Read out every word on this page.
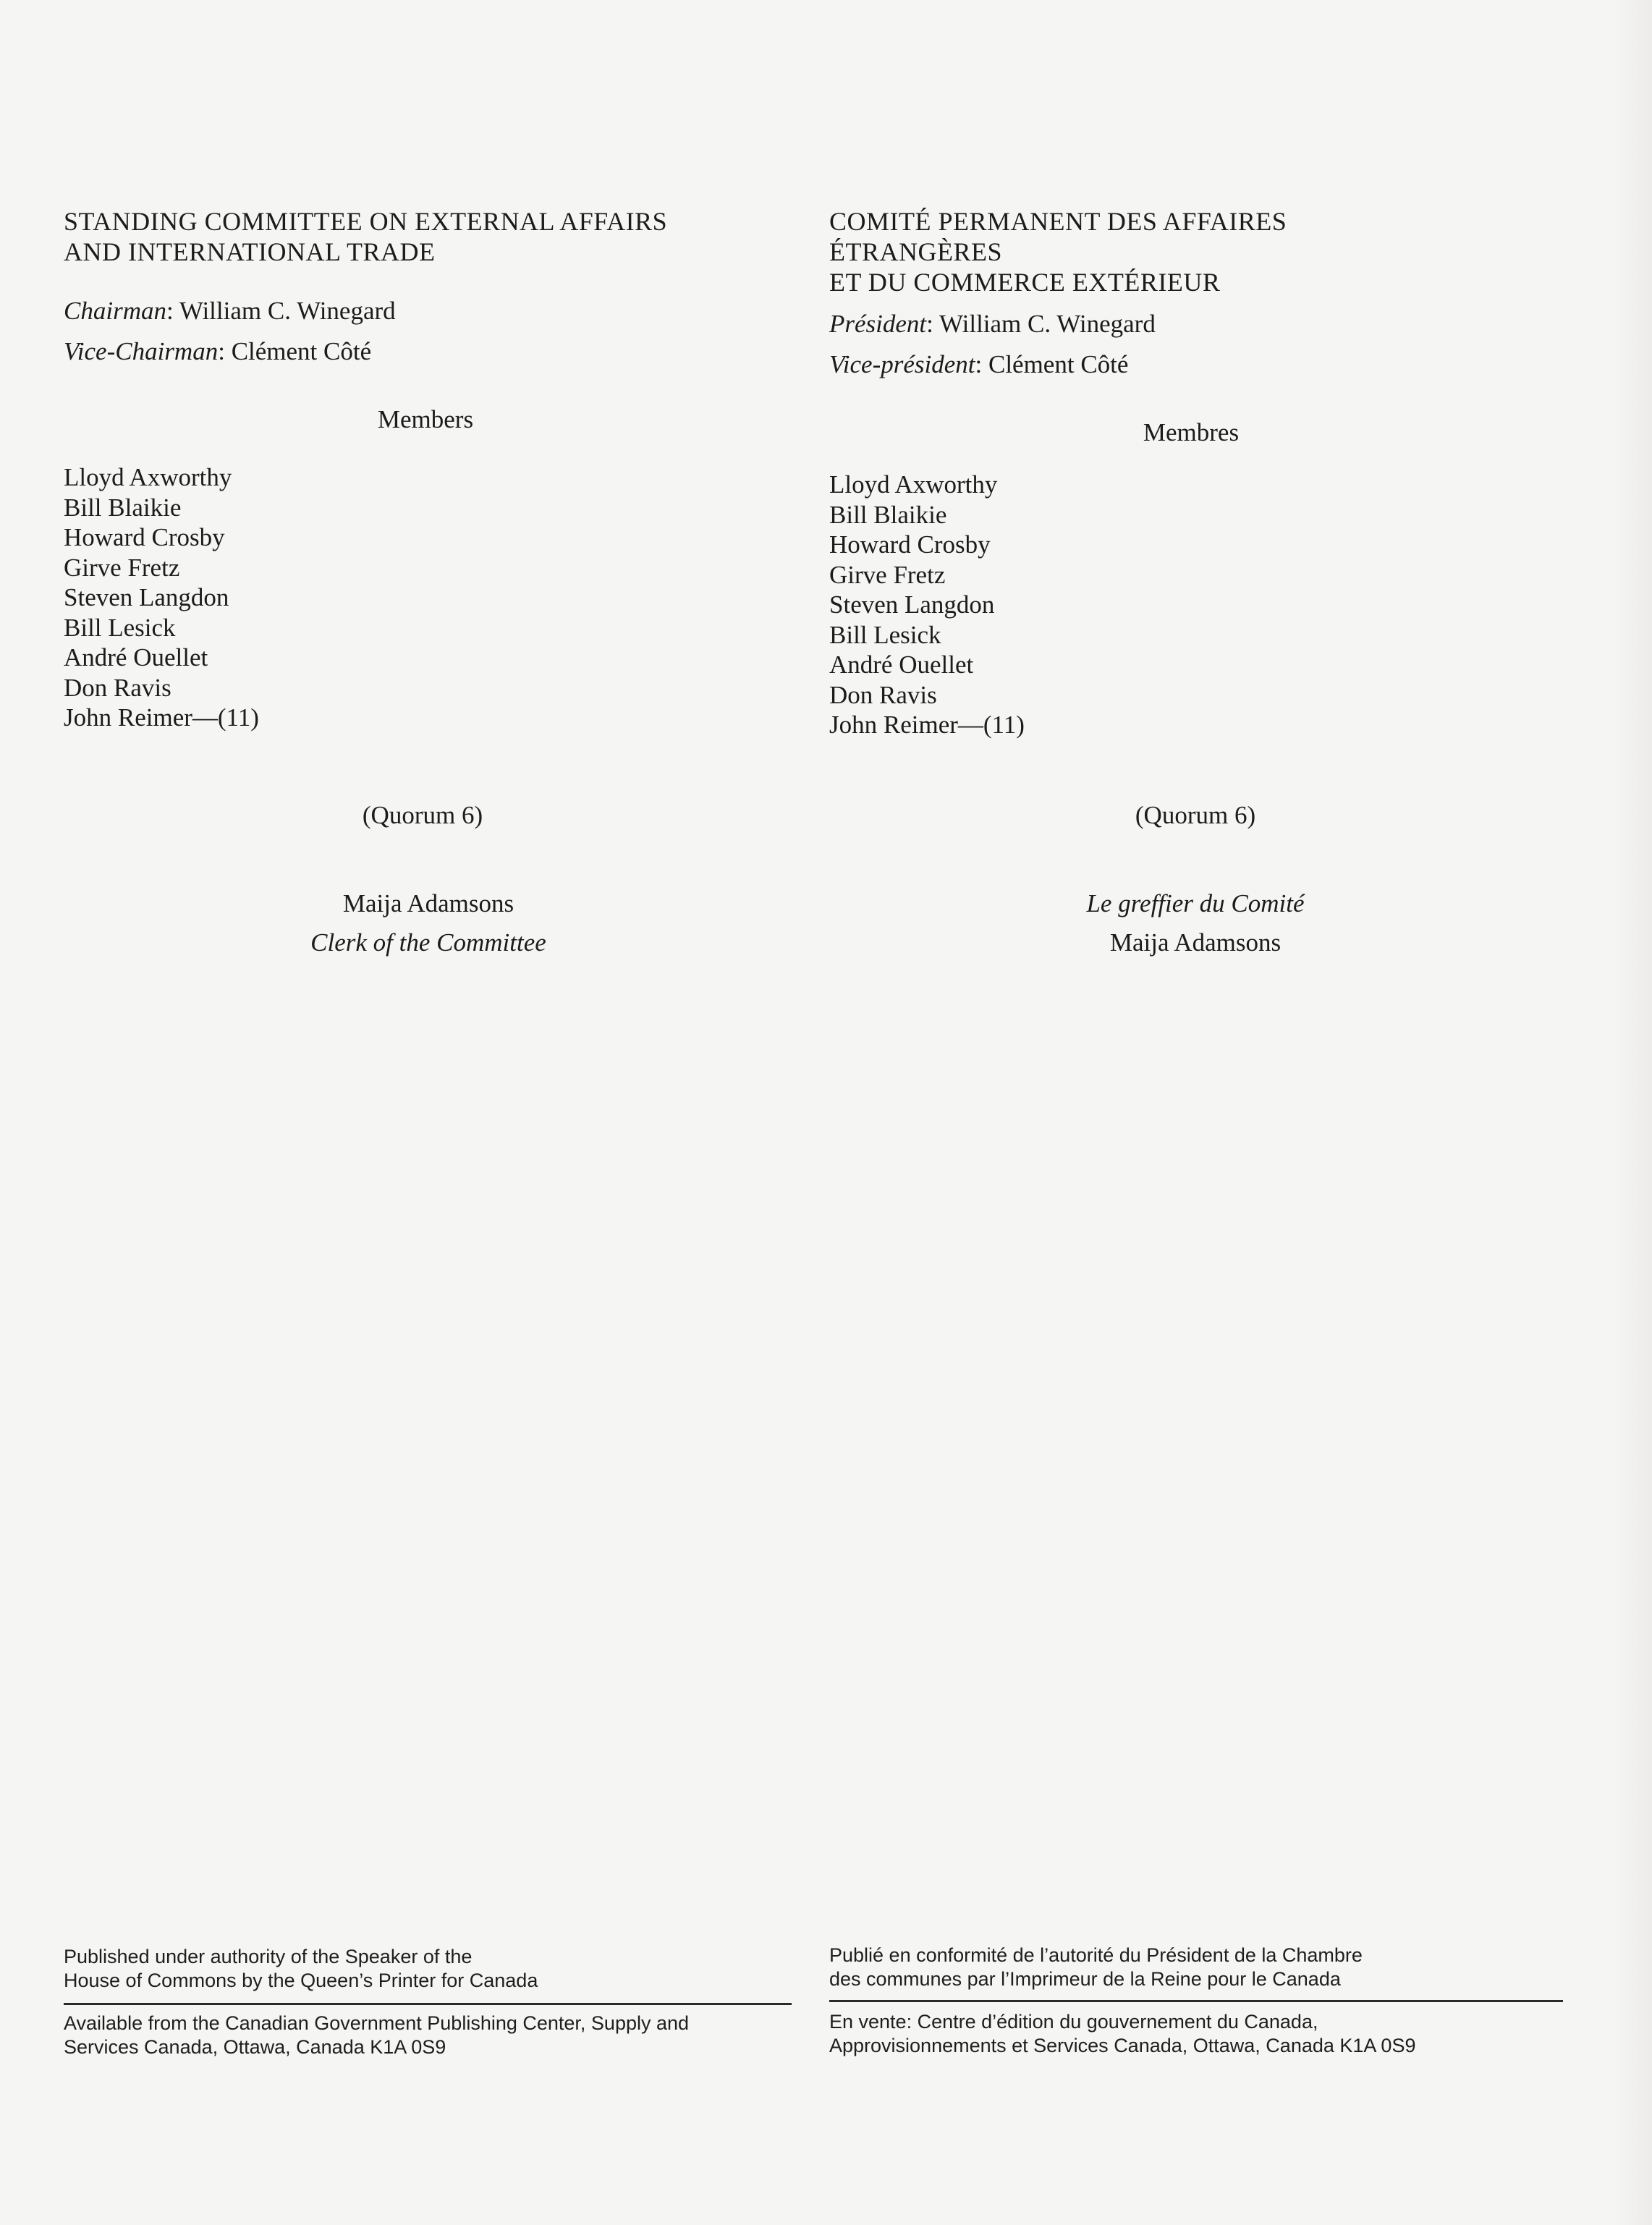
STANDING COMMITTEE ON EXTERNAL AFFAIRS
AND INTERNATIONAL TRADE

Chairman: William C. Winegard

Vice-Chairman: Clément Côté

Members

Lloyd Axworthy
Bill Blaikie
Howard Crosby
Girve Fretz
Steven Langdon
Bill Lesick
André Ouellet
Don Ravis
John Reimer—(11)
(Quorum 6)
Maija Adamsons
Clerk of the Committee
COMITÉ PERMANENT DES AFFAIRES
ÉTRANGÈRES
ET DU COMMERCE EXTÉRIEUR

Président: William C. Winegard

Vice-président: Clément Côté

Membres

Lloyd Axworthy
Bill Blaikie
Howard Crosby
Girve Fretz
Steven Langdon
Bill Lesick
André Ouellet
Don Ravis
John Reimer—(11)
(Quorum 6)
Le greffier du Comité
Maija Adamsons

Published under authority of the Speaker of the

House of Commons by the Queen’s Printer for Canada

Available from the Canadian Government Publishing Center, Supply and

Services Canada, Ottawa, Canada K1A 0S9

Publié en conformité de l’autorité du Président de la Chambre

des communes par l’Imprimeur de la Reine pour le Canada

En vente: Centre d’édition du gouvernement du Canada,

Approvisionnements et Services Canada, Ottawa, Canada K1A 0S9
